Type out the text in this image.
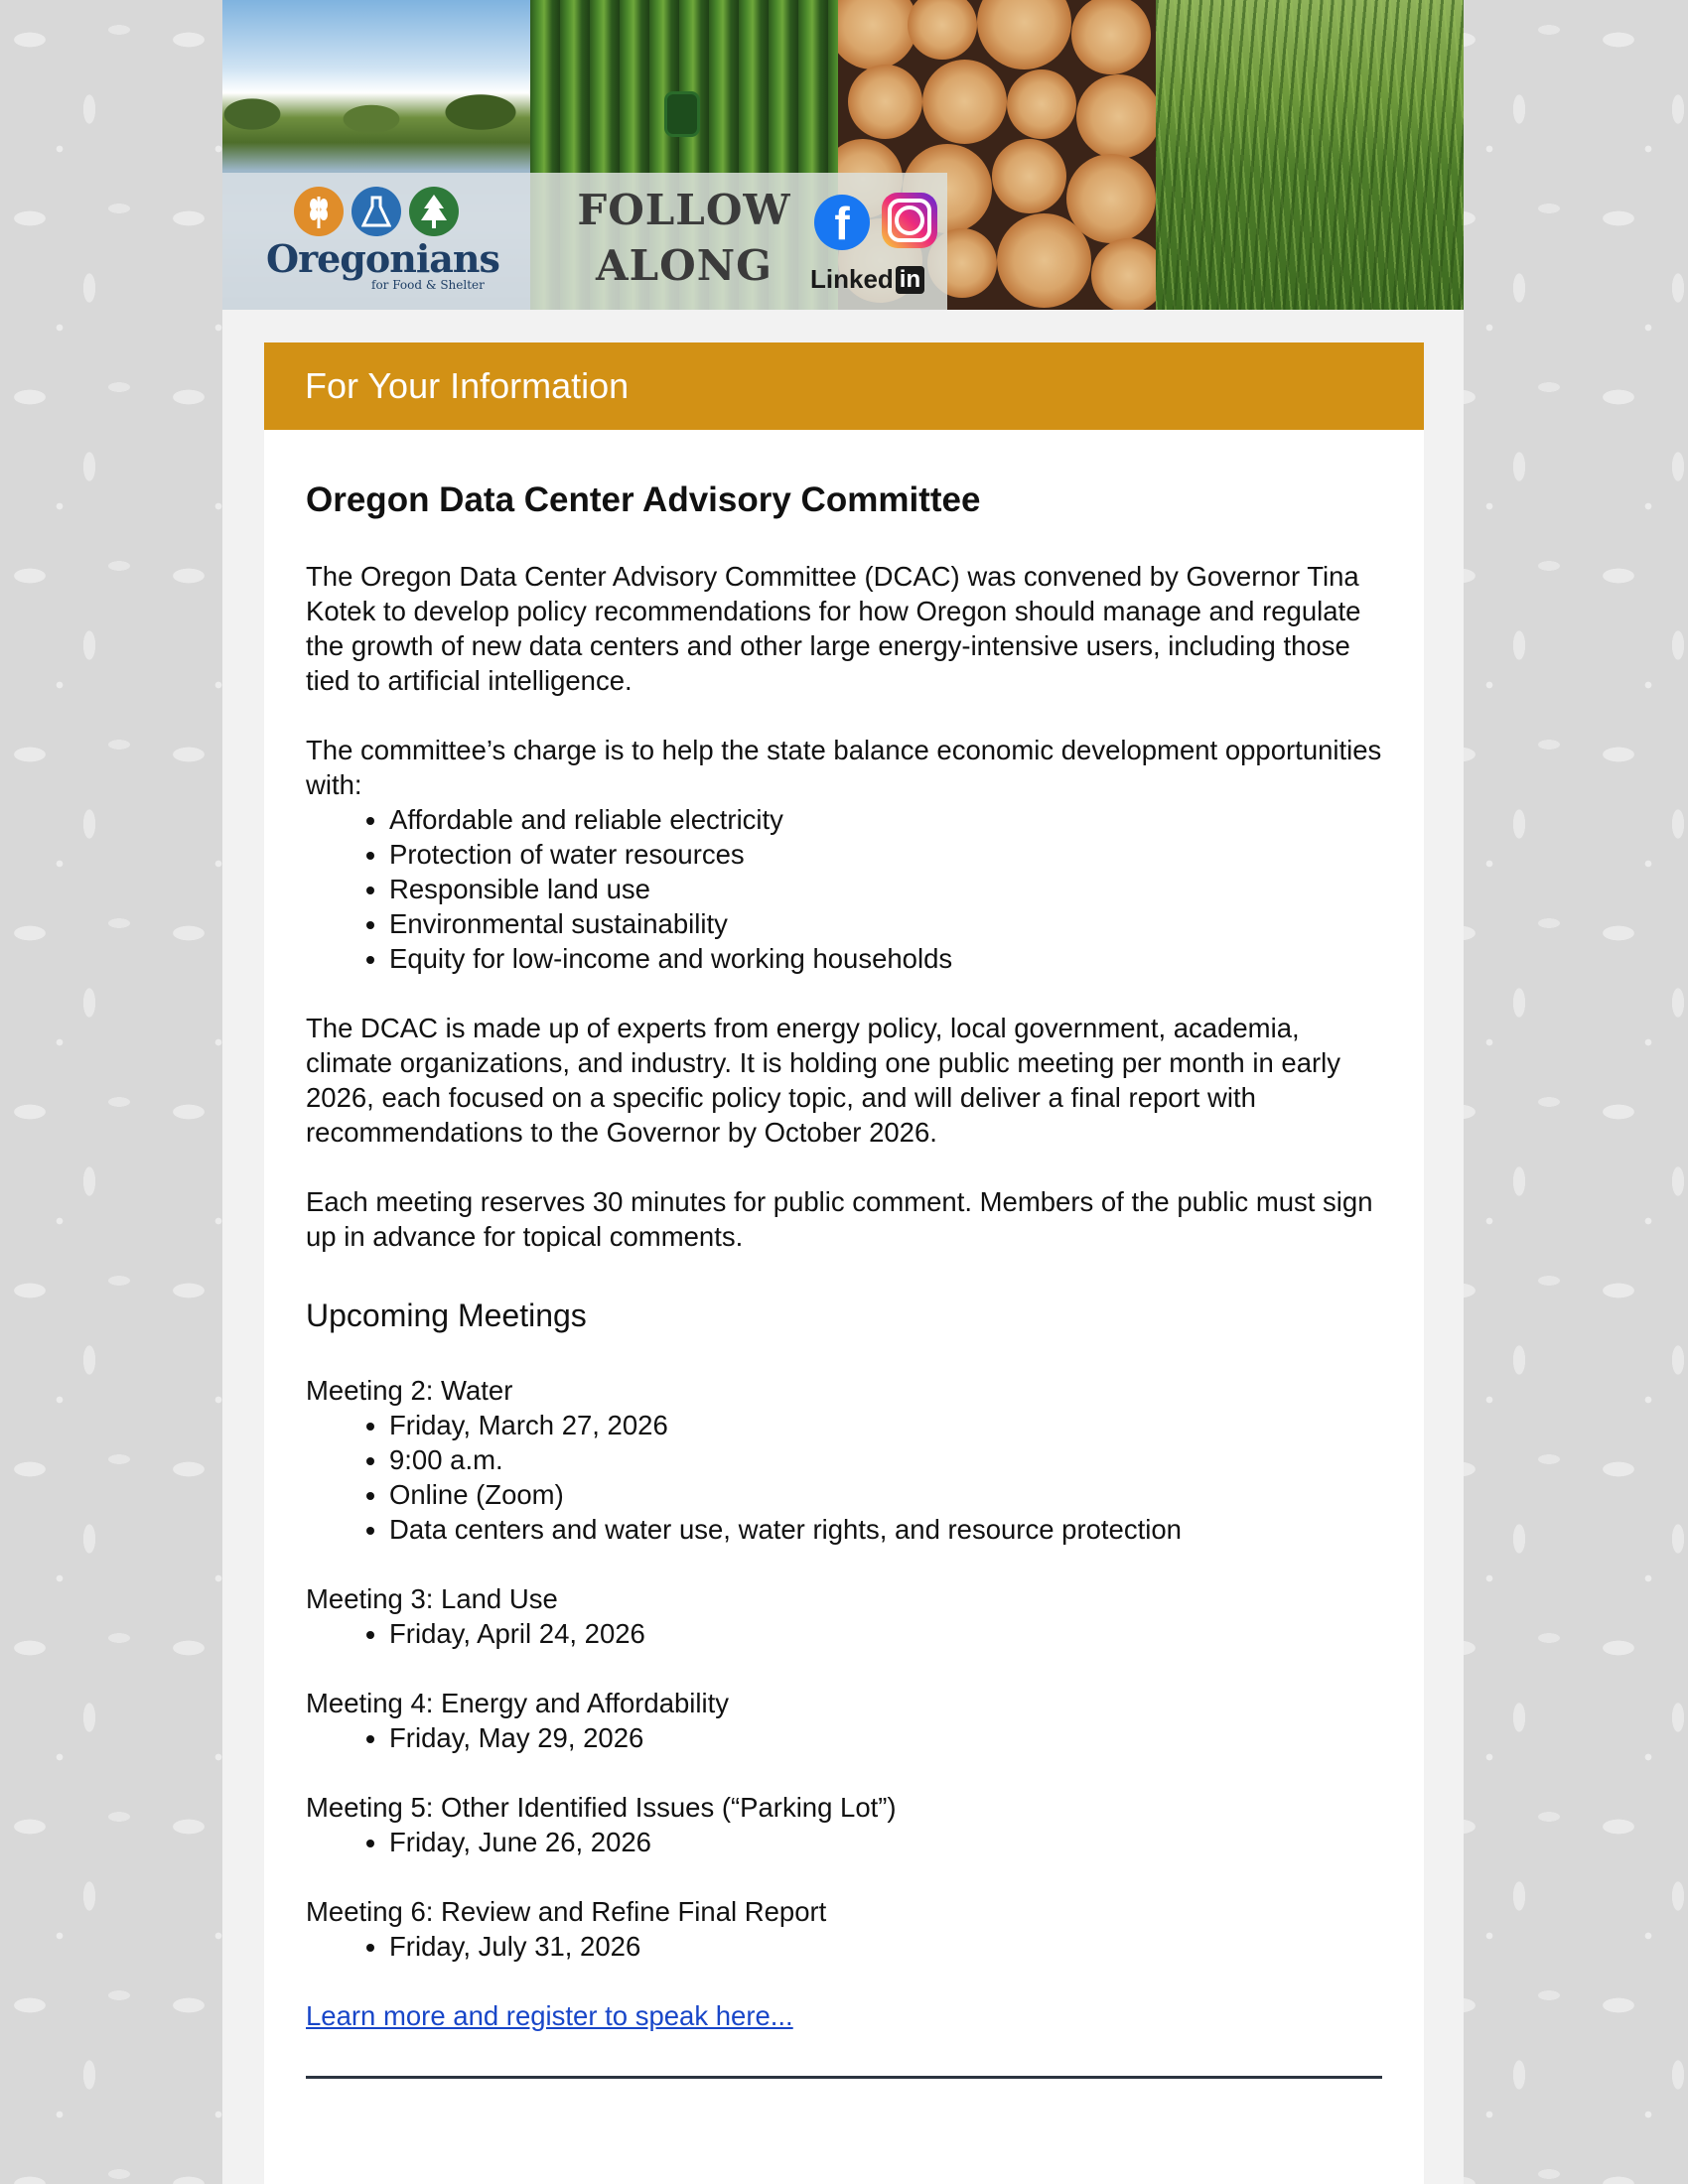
Oregonians
for Food & Shelter
FOLLOW
ALONG
f
Linked in
For Your Information
Oregon Data Center Advisory Committee

The Oregon Data Center Advisory Committee (DCAC) was convened by Governor Tina Kotek to develop policy recommendations for how Oregon should manage and regulate the growth of new data centers and other large energy-intensive users, including those tied to artificial intelligence.

The committee’s charge is to help the state balance economic development opportunities with:

• Affordable and reliable electricity
• Protection of water resources
• Responsible land use
• Environmental sustainability
• Equity for low-income and working households

The DCAC is made up of experts from energy policy, local government, academia, climate organizations, and industry. It is holding one public meeting per month in early 2026, each focused on a specific policy topic, and will deliver a final report with recommendations to the Governor by October 2026.

Each meeting reserves 30 minutes for public comment. Members of the public must sign up in advance for topical comments.

Upcoming Meetings

Meeting 2: Water

• Friday, March 27, 2026
• 9:00 a.m.
• Online (Zoom)
• Data centers and water use, water rights, and resource protection

Meeting 3: Land Use

• Friday, April 24, 2026

Meeting 4: Energy and Affordability

• Friday, May 29, 2026

Meeting 5: Other Identified Issues (“Parking Lot”)

• Friday, June 26, 2026

Meeting 6: Review and Refine Final Report

• Friday, July 31, 2026

Learn more and register to speak here...
